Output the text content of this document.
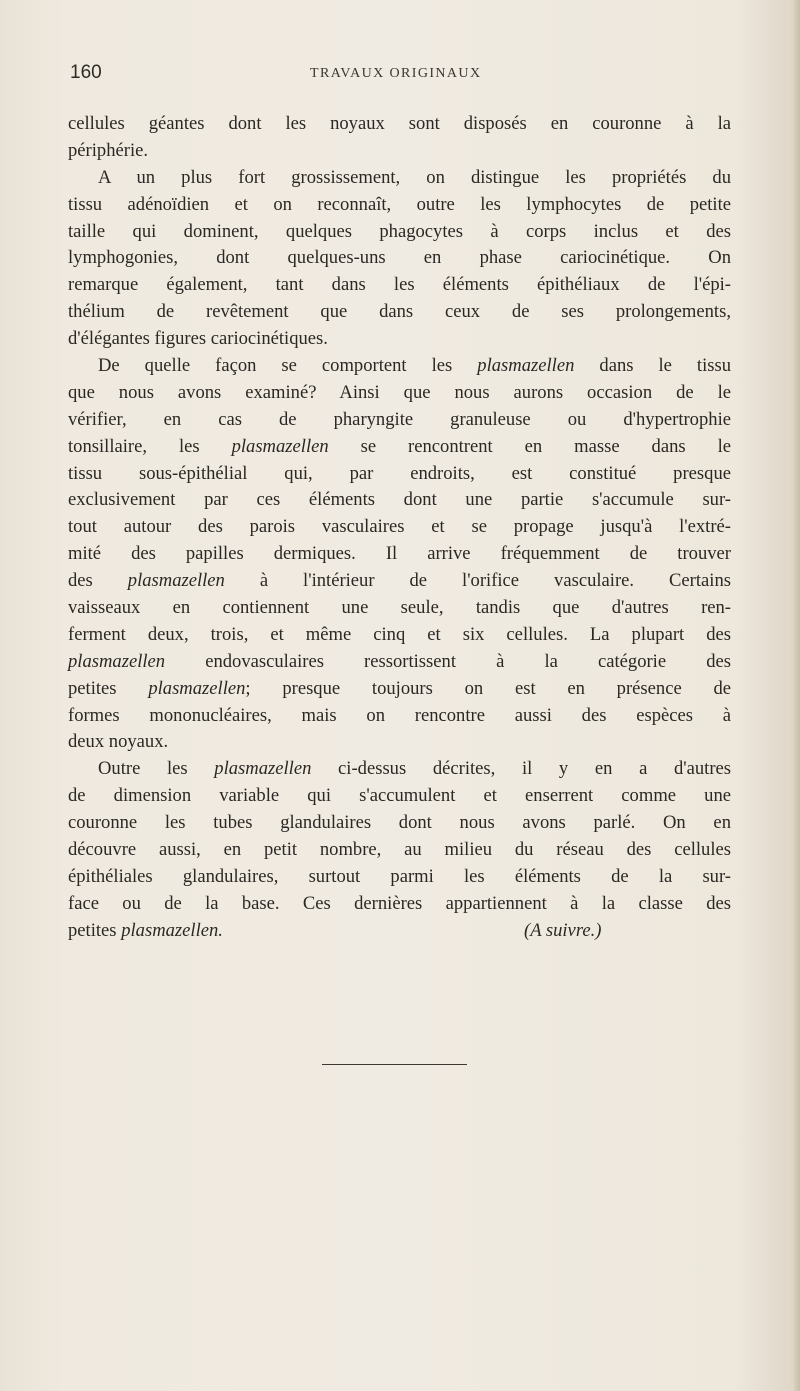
160	TRAVAUX ORIGINAUX
cellules géantes dont les noyaux sont disposés en couronne à la
périphérie.
A un plus fort grossissement, on distingue les propriétés du
tissu adénoïdien et on reconnaît, outre les lymphocytes de petite
taille qui dominent, quelques phagocytes à corps inclus et des
lymphogonies, dont quelques-uns en phase cariocinétique. On
remarque également, tant dans les éléments épithéliaux de l'épi-
thélium de revêtement que dans ceux de ses prolongements,
d'élégantes figures cariocinétiques.
De quelle façon se comportent les plasmazellen dans le tissu
que nous avons examiné? Ainsi que nous aurons occasion de le
vérifier, en cas de pharyngite granuleuse ou d'hypertrophie
tonsillaire, les plasmazellen se rencontrent en masse dans le
tissu sous-épithélial qui, par endroits, est constitué presque
exclusivement par ces éléments dont une partie s'accumule sur-
tout autour des parois vasculaires et se propage jusqu'à l'extré-
mité des papilles dermiques. Il arrive fréquemment de trouver
des plasmazellen à l'intérieur de l'orifice vasculaire. Certains
vaisseaux en contiennent une seule, tandis que d'autres ren-
ferment deux, trois, et même cinq et six cellules. La plupart des
plasmazellen endovasculaires ressortissent à la catégorie des
petites plasmazellen; presque toujours on est en présence de
formes mononucléaires, mais on rencontre aussi des espèces à
deux noyaux.
Outre les plasmazellen ci-dessus décrites, il y en a d'autres
de dimension variable qui s'accumulent et enserrent comme une
couronne les tubes glandulaires dont nous avons parlé. On en
découvre aussi, en petit nombre, au milieu du réseau des cellules
épithéliales glandulaires, surtout parmi les éléments de la sur-
face ou de la base. Ces dernières appartiennent à la classe des
petites plasmazellen.	(A suivre.)
